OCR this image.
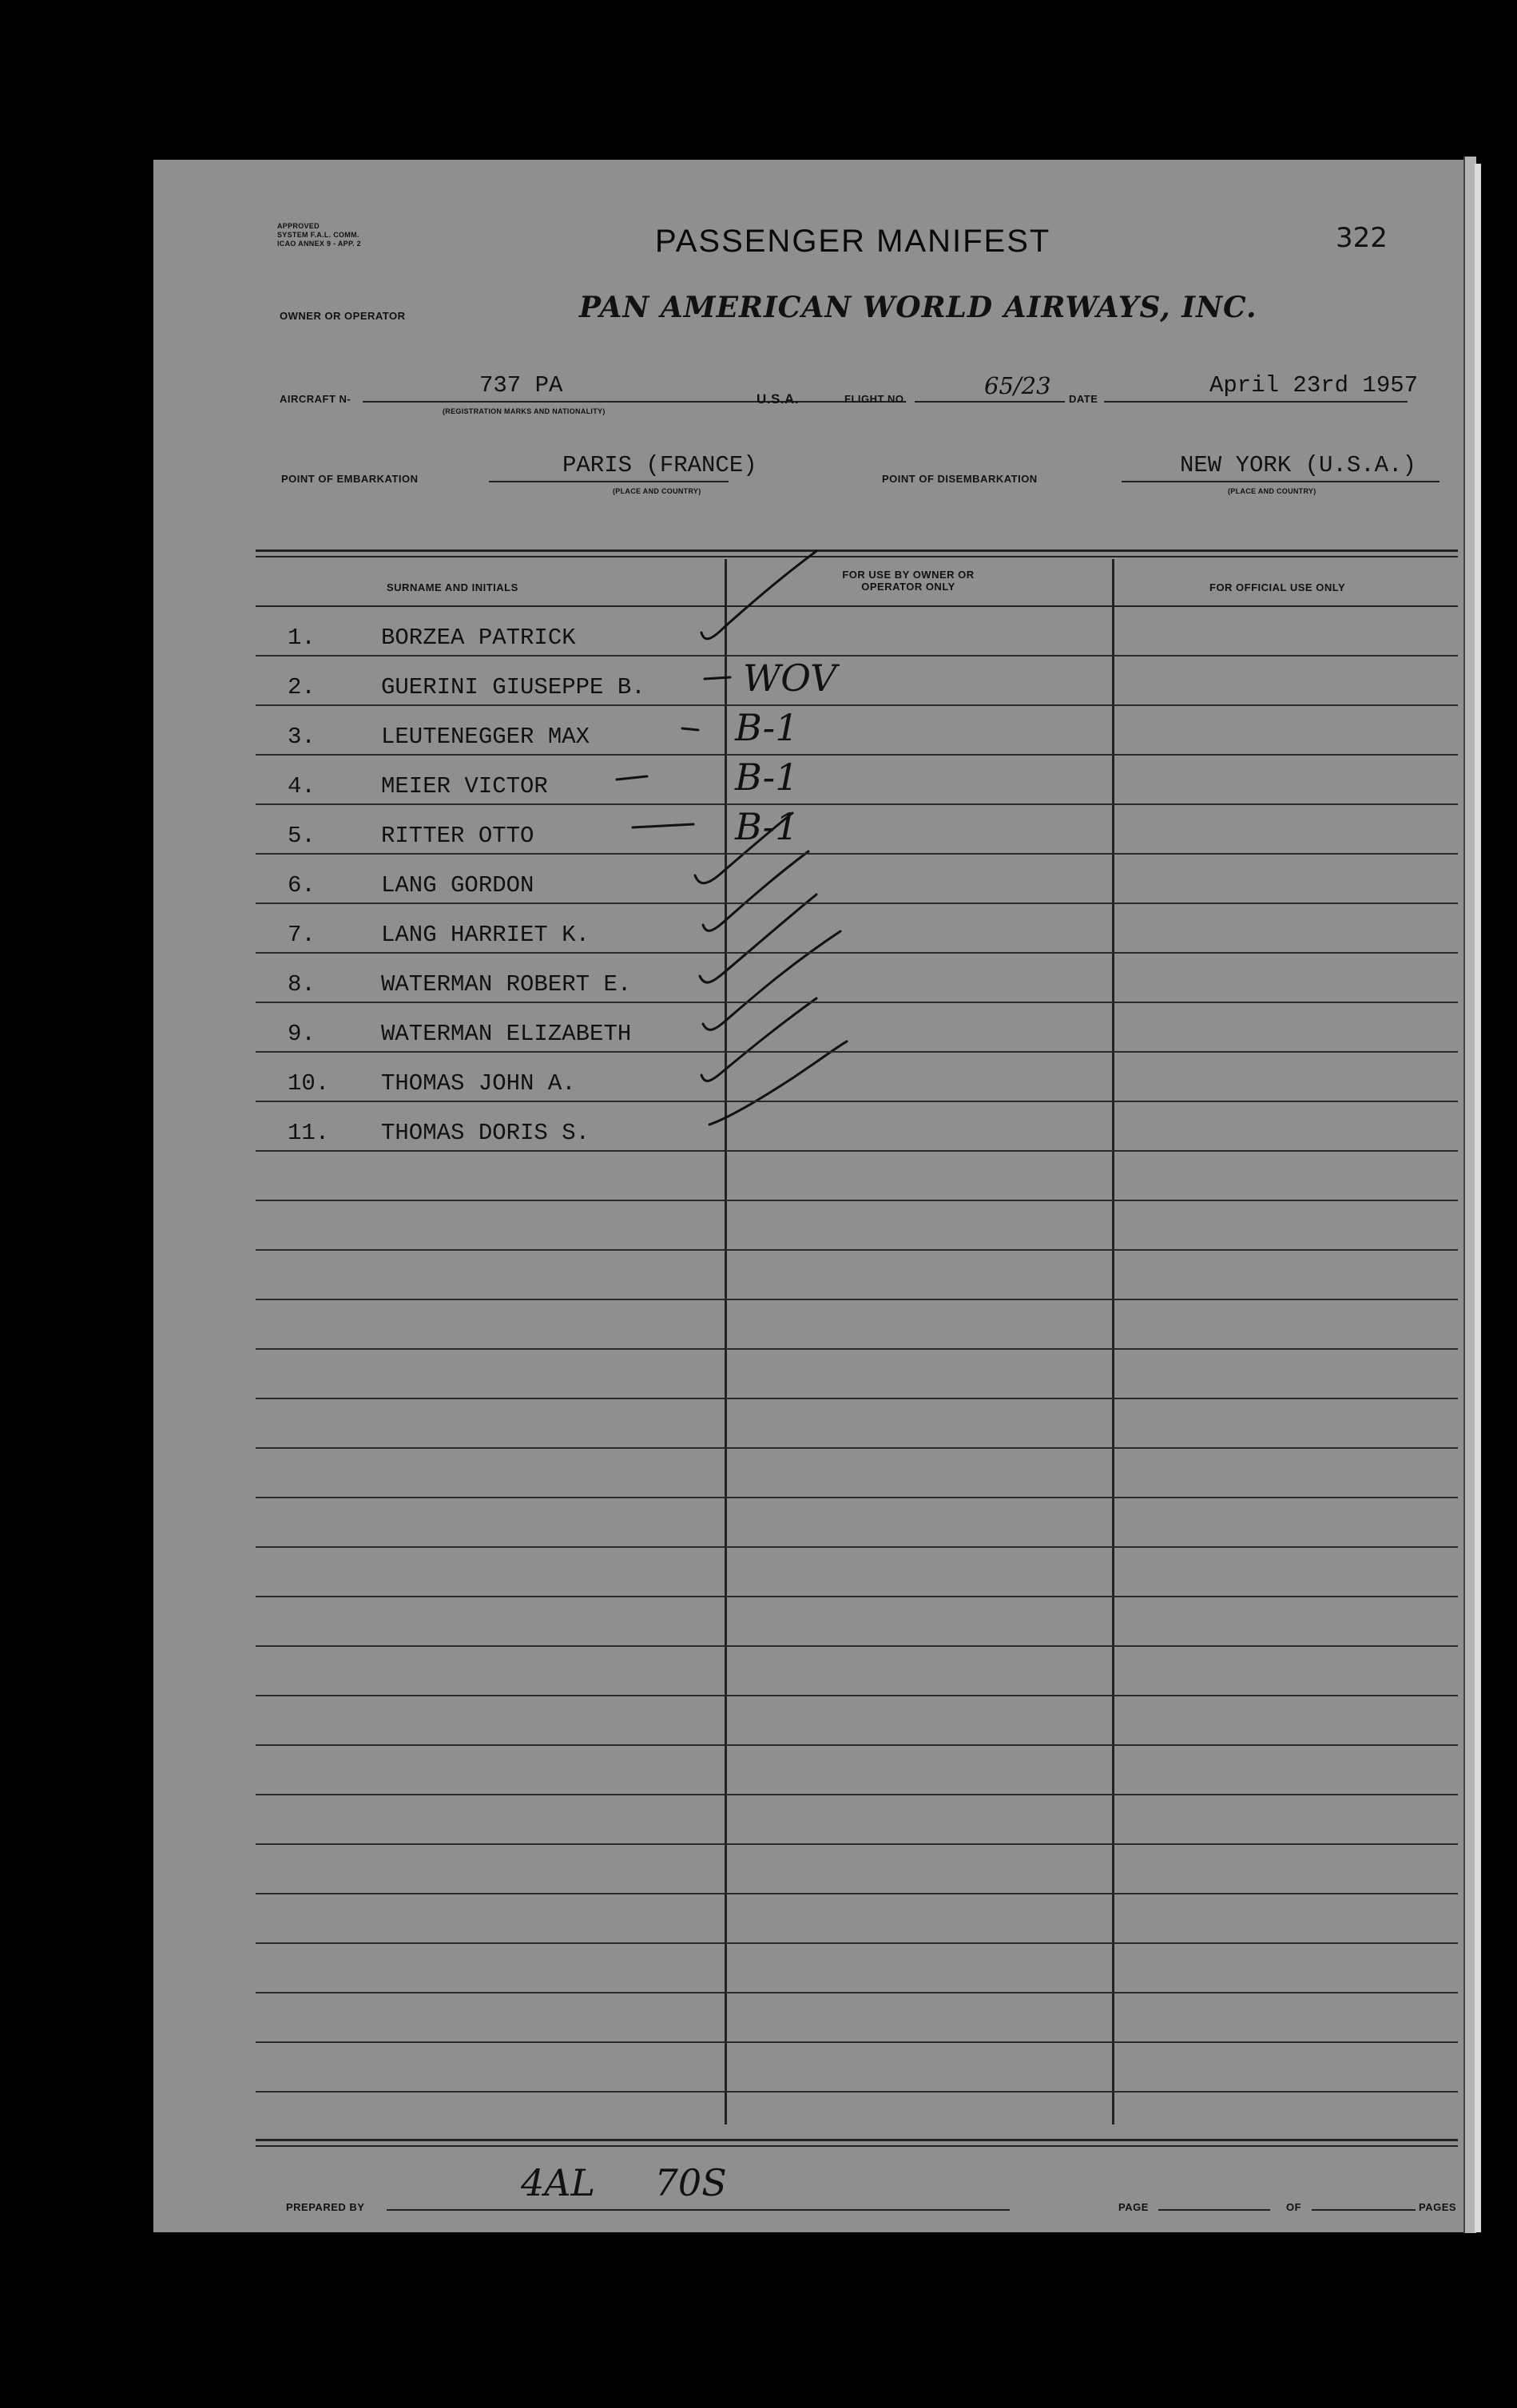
APPROVED
SYSTEM F.A.L. COMM.
ICAO ANNEX 9 - APP. 2	PASSENGER MANIFEST	322
OWNER OR OPERATOR	PAN AMERICAN WORLD AIRWAYS, INC.
AIRCRAFT N-
737 PA
(REGISTRATION MARKS AND NATIONALITY)
U.S.A.	FLIGHT NO.	65/23 DATE
April 23rd 1957
POINT OF EMBARKATION
PARIS (FRANCE)
(PLACE AND COUNTRY)
POINT OF DISEMBARKATION
NEW YORK (U.S.A.)
(PLACE AND COUNTRY)
SURNAME AND INITIALS
FOR USE BY OWNER OR OPERATOR ONLY	FOR OFFICIAL USE ONLY
1.	BORZEA PATRICK
2.	GUERINI GIUSEPPE B.	WOV
3.	LEUTENEGGER MAX	B-1
4.	MEIER VICTOR	B-1
5.	RITTER OTTO	B-1
6.	LANG GORDON
7.	LANG HARRIET K.
8.	WATERMAN ROBERT E.
9.	WATERMAN ELIZABETH
10. THOMAS JOHN A.
11. THOMAS DORIS S.
PREPARED BY
4AL 70S
PAGE	OF	PAGES
